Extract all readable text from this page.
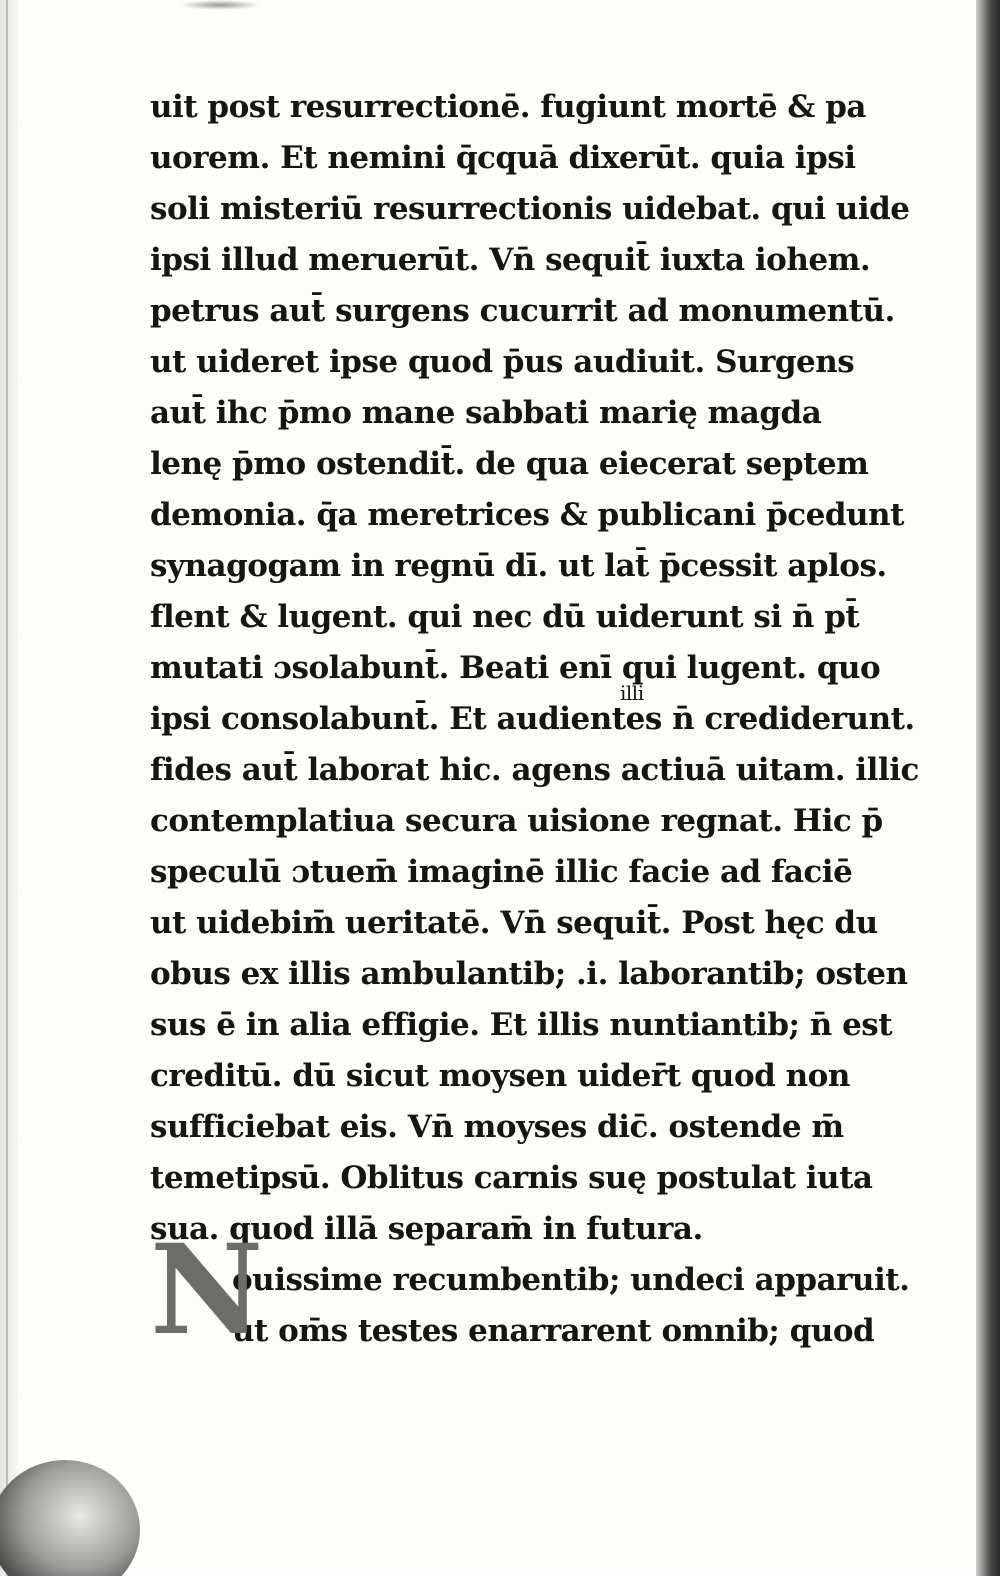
uit post resurrectionē. fugiunt mortē & pa
uorem. Et nemini q̄cquā dixerūt. quia ipsi
soli misteriū resurrectionis uidebat. qui uide
ipsi illud meruerūt. Vn̄ sequit̄ iuxta iohem.
petrus aut̄ surgens cucurrit ad monumentū.
ut uideret ipse quod p̄us audiuit. Surgens
aut̄ ihc p̄mo mane sabbati marię magda
lenę p̄mo ostendit̄. de qua eiecerat septem
demonia. q̄a meretrices & publicani p̄cedunt
synagogam in regnū dī. ut lat̄ p̄cessit aplos.
flent & lugent. qui nec dū uiderunt si n̄ pt̄
mutati ɔsolabunt̄. Beati enī qui lugent. quo
illi
ipsi consolabunt̄. Et audientes n̄ crediderunt.
fides aut̄ laborat hic. agens actiuā uitam. illic
contemplatiua secura uisione regnat. Hic p̄
speculū ɔtuem̄ imaginē illic facie ad faciē
ut uidebim̄ ueritatē. Vn̄ sequit̄. Post hęc du
obus ex illis ambulantib; .i. laborantib; osten
sus ē in alia effigie. Et illis nuntiantib; n̄ est
creditū. dū sicut moysen uider̄t quod non
sufficiebat eis. Vn̄ moyses dic̄. ostende m̄
temetipsū. Oblitus carnis suę postulat iuta
sua. quod illā separam̄ in futura.
ouissime recumbentib; undeci apparuit.
ut om̄s testes enarrarent omnib; quod
N
